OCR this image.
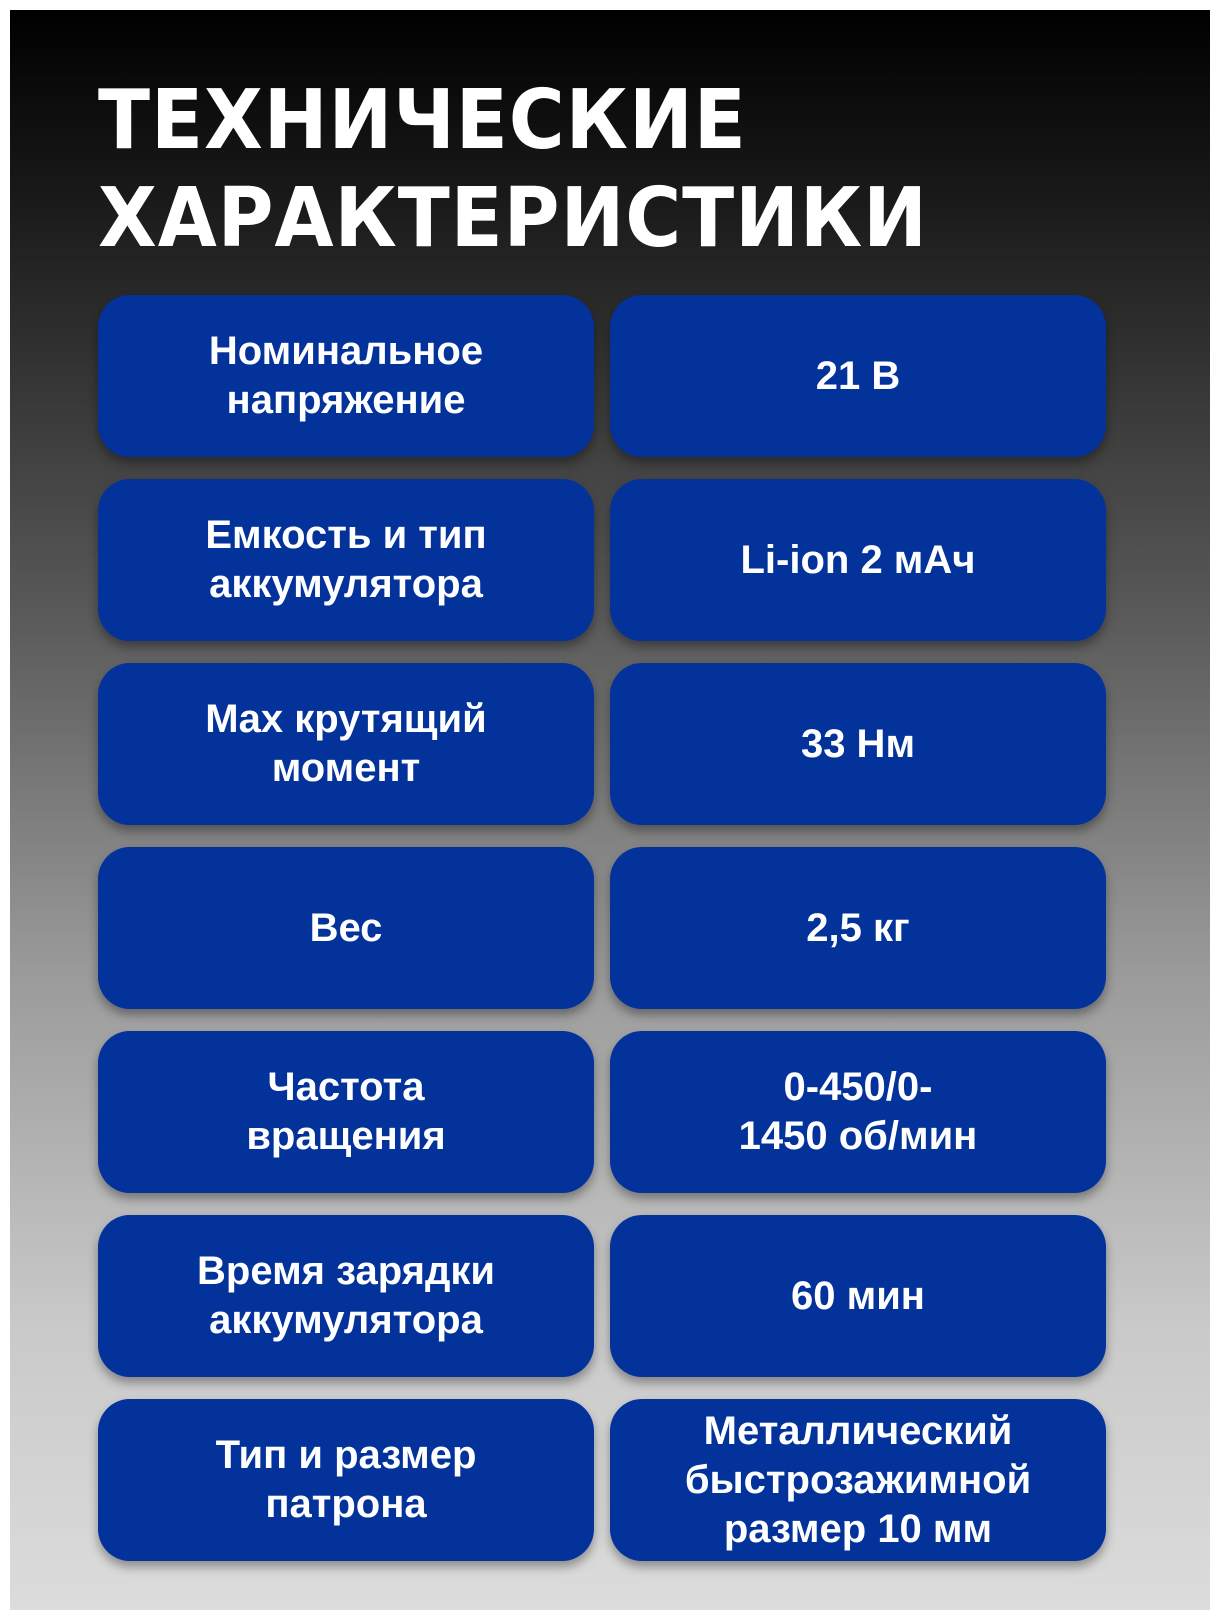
ТЕХНИЧЕСКИЕ
ХАРАКТЕРИСТИКИ
Номинальное
напряжение
21 В
Емкость и тип
аккумулятора
Li-ion 2 мАч
Max крутящий
момент
33 Нм
Вес	2,5 кг
Частота
вращения
0-450/0-
1450 об/мин
Время зарядки
аккумулятора
60 мин
Тип и размер
патрона
Металлический
быстрозажимной
размер 10 мм
